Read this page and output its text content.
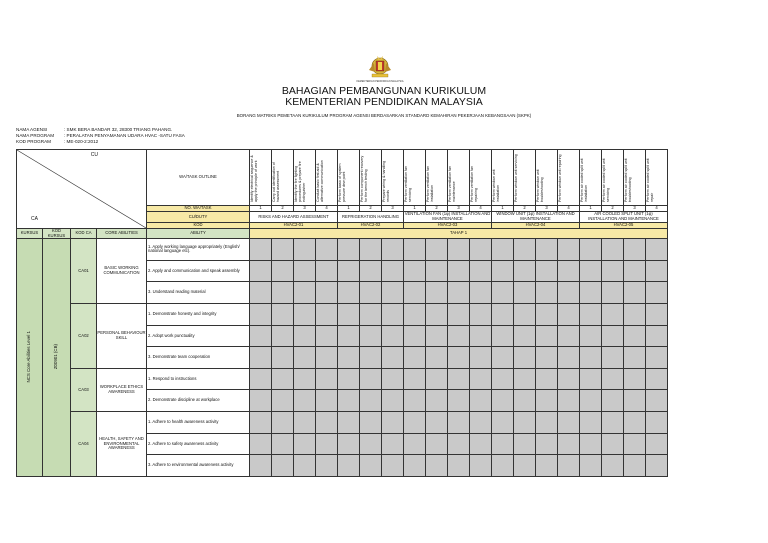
KEMENTERIAN PENDIDIKAN MALAYSIA
BAHAGIAN PEMBANGUNAN KURIKULUM
KEMENTERIAN PENDIDIKAN MALAYSIA
BORANG MATRIKS PEMETAAN KURIKULUM PROGRAM AGENSI BERDASARKAN STANDARD KEMAHIRAN PEKERJAAN KEBANGSAAN (SKPK)
NAMA AGENSI	: SMK BERA BANDAR 32, 28300 TRIANG PAHANG.
NAMA PROGRAM	: PERALATAN PENYAMANAN UDARA HVAC -SATU FASA
KOD PROGRAM	: ME-020-2:2012
CU
CA				WA/TASK OUTLINE	Identify electrical sequence & apply the principle of work	Carry out identification of hazard assessment	Identify the fire fighting procedures & prepare fire extinguisher	Conduct basic first aid & alternative communication	Perform basic of system pressure dew point	Perform component recovery for the bench testing	Prepare wiring & handling records	Perform ventilation fan servicing	Perform ventilation fan installation	Perform ventilation fan maintenance	Perform ventilation fan repairing	Perform window unit installation	Perform window unit servicing	Perform window unit troubleshooting	Perform window unit repairing	Perform air cooled split unit installation	Perform air cooled split unit servicing	Perform air cooled split unit troubleshooting	Perform air cooled split unit repair

				NO. WA/TASK	1	2	3	4	1	2	3	1	2	3	4	1	2	3	4	1	2	3	4
				CU/DUTY	RISKS AND HAZARD ASSESSMENT				REFRIGERATION HANDLING			VENTILATION FAN (1φ) INSTALLATION AND MAINTENANCE				WINDOW UNIT (1φ) INSTALLATION AND MAINTENANCE				AIR COOLED SPLIT UNIT (1φ) INSTALLATION AND MAINTENANCE			
				KOD	HVAC2-01				HVAC2-02			HVAC2-03				HVAC2-04				HVAC2-05			
KURSUS	KOD KURSUS	KOD CA	CORE ABILITIES	ABILITY	TAHAP 1																		
NCS Core Abilities Level 1	Z00901 (CB)	CA01	BASIC WORKING COMMUNICATION	1. Apply working language appropriately (English/ national language etc).																			
				2. Apply and communication and speak assembly																			
				3. Understand reading material																			
		CA02	PERSONAL BEHAVIOUR SKILL	1. Demonstrate honesty and integrity																			
				2. Adopt work punctuality																			
				3. Demonstrate team cooperation																			
		CA03	WORKPLACE ETHICS AWARENESS	1. Respond to instructions																			
				2. Demonstrate discipline at workplace																			
		CA04	HEALTH, SAFETY AND ENVIRONMENTAL AWARENESS	1. Adhere to health awareness activity																			
				2. Adhere to safety awareness activity																			
				3. Adhere to environmental awareness activity																			
